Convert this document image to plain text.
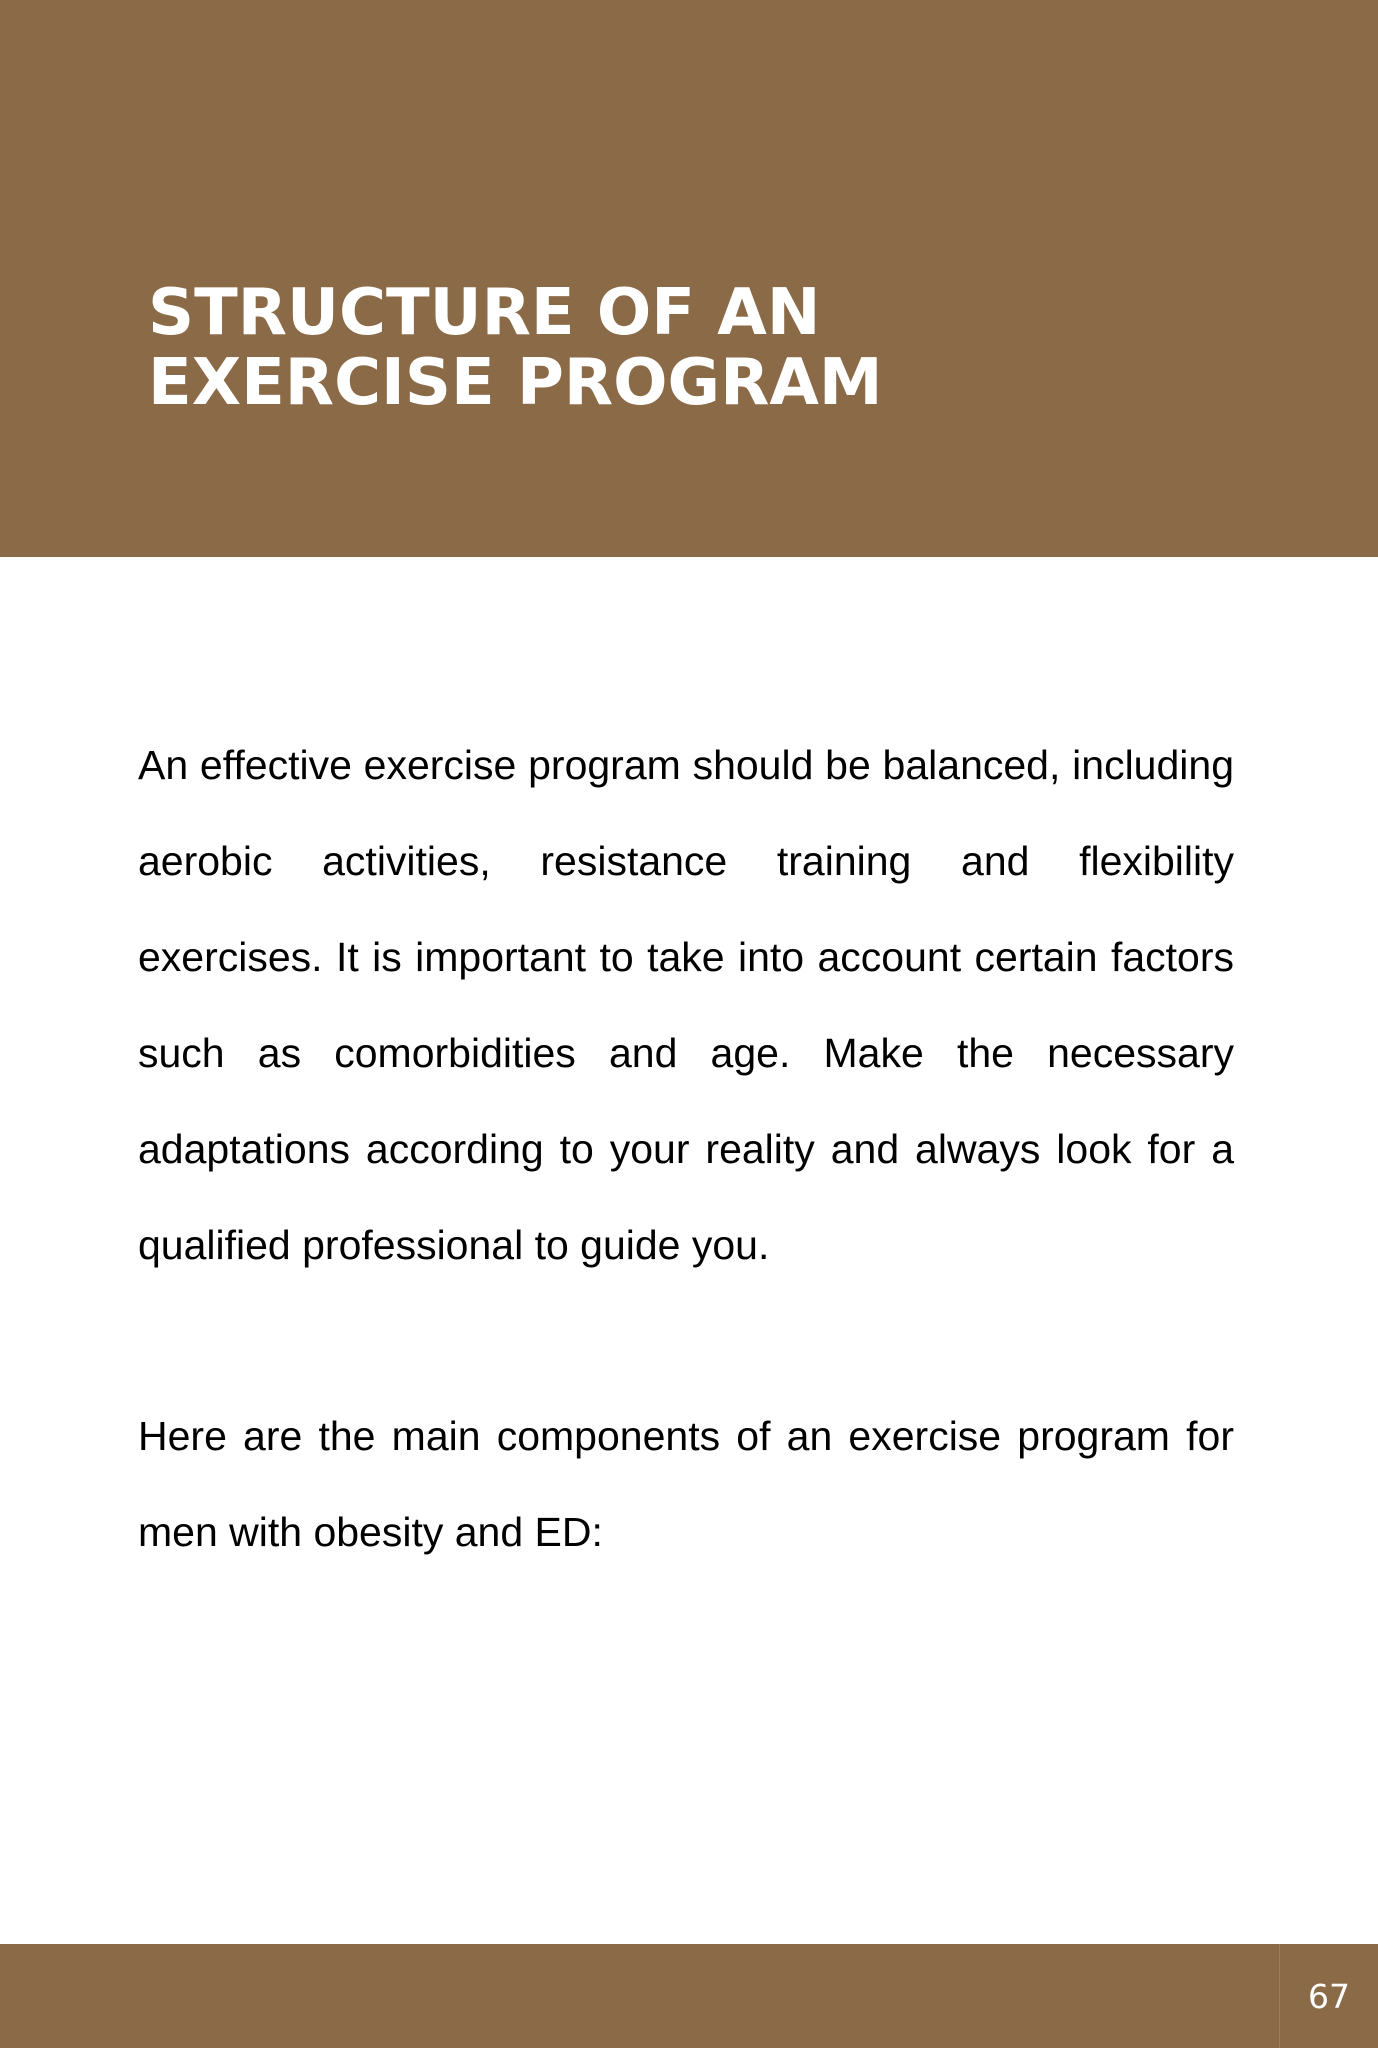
STRUCTURE OF AN
EXERCISE PROGRAM

An effective exercise program should be balanced, including aerobic activities, resistance training and flexibility exercises. It is important to take into account certain factors such as comorbidities and age. Make the necessary adaptations according to your reality and always look for a qualified professional to guide you.

Here are the main components of an exercise program for men with obesity and ED:

67
